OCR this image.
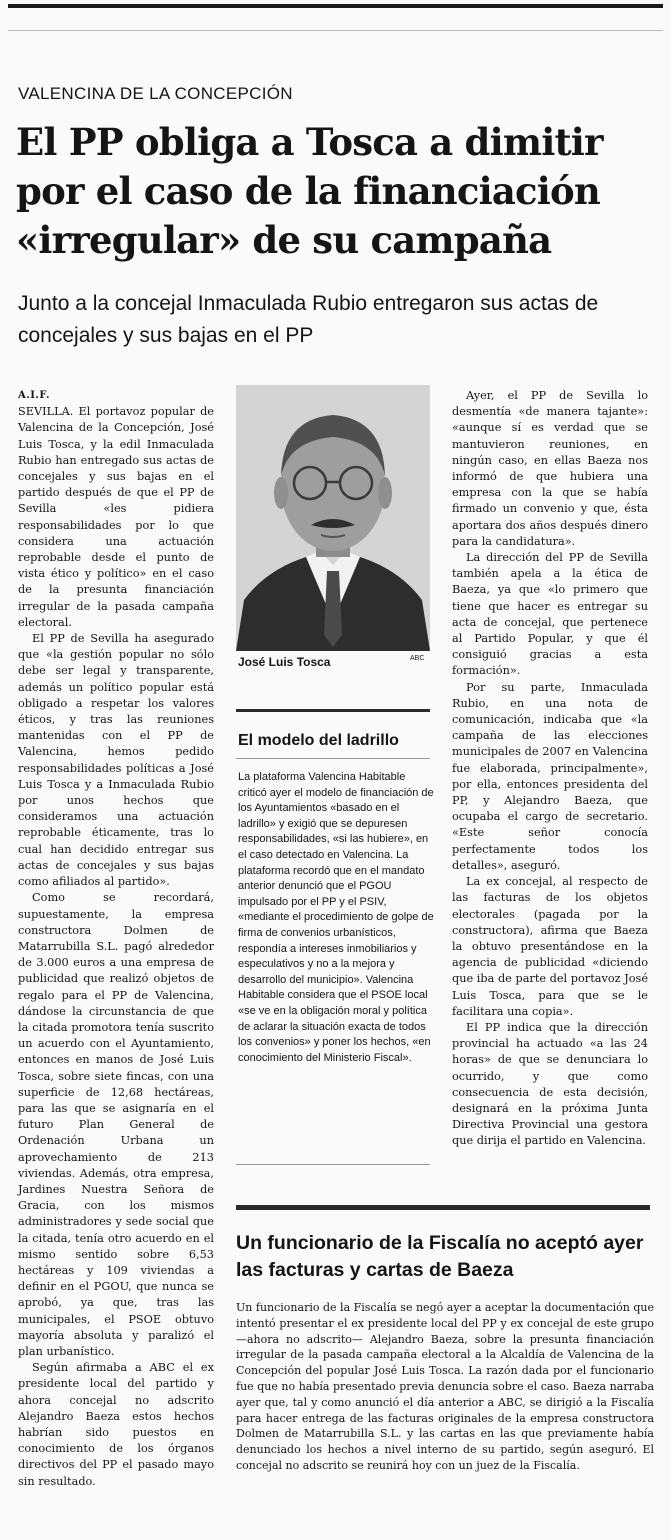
VALENCINA DE LA CONCEPCIÓN
El PP obliga a Tosca a dimitir
por el caso de la financiación
«irregular» de su campaña
Junto a la concejal Inmaculada Rubio entregaron sus actas de concejales y sus bajas en el PP
A.I.F.

SEVILLA. El portavoz popular de Valencina de la Concepción, José Luis Tosca, y la edil Inmaculada Rubio han entregado sus actas de concejales y sus bajas en el partido después de que el PP de Sevilla «les pidiera responsabilidades por lo que considera una actuación reprobable desde el punto de vista ético y político» en el caso de la presunta financiación irregular de la pasada campaña electoral.

El PP de Sevilla ha asegurado que «la gestión popular no sólo debe ser legal y transparente, además un político popular está obligado a respetar los valores éticos, y tras las reuniones mantenidas con el PP de Valencina, hemos pedido responsabilidades políticas a José Luis Tosca y a Inmaculada Rubio por unos hechos que consideramos una actuación reprobable éticamente, tras lo cual han decidido entregar sus actas de concejales y sus bajas como afiliados al partido».

Como se recordará, supuestamente, la empresa constructora Dolmen de Matarrubilla S.L. pagó alrededor de 3.000 euros a una empresa de publicidad que realizó objetos de regalo para el PP de Valencina, dándose la circunstancia de que la citada promotora tenía suscrito un acuerdo con el Ayuntamiento, entonces en manos de José Luis Tosca, sobre siete fincas, con una superficie de 12,68 hectáreas, para las que se asignaría en el futuro Plan General de Ordenación Urbana un aprovechamiento de 213 viviendas. Además, otra empresa, Jardines Nuestra Señora de Gracia, con los mismos administradores y sede social que la citada, tenía otro acuerdo en el mismo sentido sobre 6,53 hectáreas y 109 viviendas a definir en el PGOU, que nunca se aprobó, ya que, tras las municipales, el PSOE obtuvo mayoría absoluta y paralizó el plan urbanístico.

Según afirmaba a ABC el ex presidente local del partido y ahora concejal no adscrito Alejandro Baeza estos hechos habrían sido puestos en conocimiento de los órganos directivos del PP el pasado mayo sin resultado.

José Luis Tosca	ABC
El modelo del ladrillo
La plataforma Valencina Habitable criticó ayer el modelo de financiación de los Ayuntamientos «basado en el ladrillo» y exigió que se depuresen responsabilidades, «si las hubiere», en el caso detectado en Valencina. La plataforma recordó que en el mandato anterior denunció que el PGOU impulsado por el PP y el PSIV, «mediante el procedimiento de golpe de firma de convenios urbanísticos, respondía a intereses inmobiliarios y especulativos y no a la mejora y desarrollo del municipio». Valencina Habitable considera que el PSOE local «se ve en la obligación moral y política de aclarar la situación exacta de todos los convenios» y poner los hechos, «en conocimiento del Ministerio Fiscal».

Ayer, el PP de Sevilla lo desmentía «de manera tajante»: «aunque sí es verdad que se mantuvieron reuniones, en ningún caso, en ellas Baeza nos informó de que hubiera una empresa con la que se había firmado un convenio y que, ésta aportara dos años después dinero para la candidatura».

La dirección del PP de Sevilla también apela a la ética de Baeza, ya que «lo primero que tiene que hacer es entregar su acta de concejal, que pertenece al Partido Popular, y que él consiguió gracias a esta formación».

Por su parte, Inmaculada Rubio, en una nota de comunicación, indicaba que «la campaña de las elecciones municipales de 2007 en Valencina fue elaborada, principalmente», por ella, entonces presidenta del PP, y Alejandro Baeza, que ocupaba el cargo de secretario. «Este señor conocía perfectamente todos los detalles», aseguró.

La ex concejal, al respecto de las facturas de los objetos electorales (pagada por la constructora), afirma que Baeza la obtuvo presentándose en la agencia de publicidad «diciendo que iba de parte del portavoz José Luis Tosca, para que se le facilitara una copia».

El PP indica que la dirección provincial ha actuado «a las 24 horas» de que se denunciara lo ocurrido, y que como consecuencia de esta decisión, designará en la próxima Junta Directiva Provincial una gestora que dirija el partido en Valencina.

Un funcionario de la Fiscalía no aceptó ayer las facturas y cartas de Baeza
Un funcionario de la Fiscalía se negó ayer a aceptar la documentación que intentó presentar el ex presidente local del PP y ex concejal de este grupo —ahora no adscrito— Alejandro Baeza, sobre la presunta financiación irregular de la pasada campaña electoral a la Alcaldía de Valencina de la Concepción del popular José Luis Tosca. La razón dada por el funcionario fue que no había presentado previa denuncia sobre el caso. Baeza narraba ayer que, tal y como anunció el día anterior a ABC, se dirigió a la Fiscalía para hacer entrega de las facturas originales de la empresa constructora Dolmen de Matarrubilla S.L. y las cartas en las que previamente había denunciado los hechos a nivel interno de su partido, según aseguró. El concejal no adscrito se reunirá hoy con un juez de la Fiscalía.
